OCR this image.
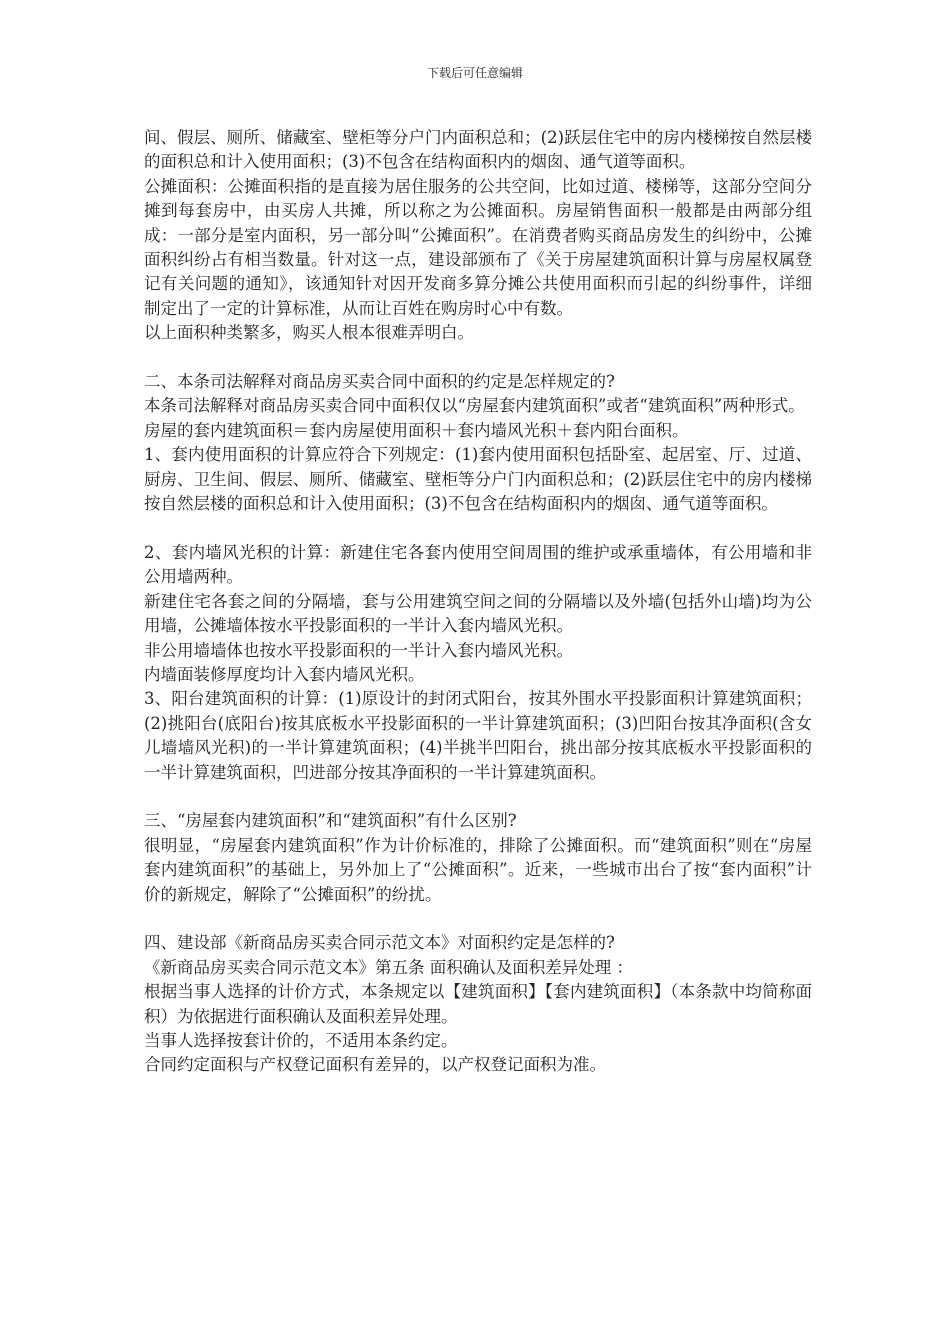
下载后可任意编辑

间、假层、厕所、储藏室、壁柜等分户门内面积总和；(2)跃层住宅中的房内楼梯按自然层楼的面积总和计入使用面积；(3)不包含在结构面积内的烟囱、通气道等面积。

公摊面积：公摊面积指的是直接为居住服务的公共空间，比如过道、楼梯等，这部分空间分摊到每套房中，由买房人共摊，所以称之为公摊面积。房屋销售面积一般都是由两部分组成：一部分是室内面积，另一部分叫“公摊面积”。在消费者购买商品房发生的纠纷中，公摊面积纠纷占有相当数量。针对这一点，建设部颁布了《关于房屋建筑面积计算与房屋权属登记有关问题的通知》，该通知针对因开发商多算分摊公共使用面积而引起的纠纷事件，详细制定出了一定的计算标准，从而让百姓在购房时心中有数。

以上面积种类繁多，购买人根本很难弄明白。

二、本条司法解释对商品房买卖合同中面积的约定是怎样规定的?

本条司法解释对商品房买卖合同中面积仅以“房屋套内建筑面积”或者“建筑面积”两种形式。

房屋的套内建筑面积＝套内房屋使用面积＋套内墙风光积＋套内阳台面积。

1、套内使用面积的计算应符合下列规定：(1)套内使用面积包括卧室、起居室、厅、过道、厨房、卫生间、假层、厕所、储藏室、壁柜等分户门内面积总和；(2)跃层住宅中的房内楼梯按自然层楼的面积总和计入使用面积；(3)不包含在结构面积内的烟囱、通气道等面积。

2、套内墙风光积的计算：新建住宅各套内使用空间周围的维护或承重墙体，有公用墙和非公用墙两种。

新建住宅各套之间的分隔墙，套与公用建筑空间之间的分隔墙以及外墙(包括外山墙)均为公用墙，公摊墙体按水平投影面积的一半计入套内墙风光积。

非公用墙墙体也按水平投影面积的一半计入套内墙风光积。

内墙面装修厚度均计入套内墙风光积。

3、阳台建筑面积的计算：(1)原设计的封闭式阳台，按其外围水平投影面积计算建筑面积；(2)挑阳台(底阳台)按其底板水平投影面积的一半计算建筑面积；(3)凹阳台按其净面积(含女儿墙墙风光积)的一半计算建筑面积；(4)半挑半凹阳台，挑出部分按其底板水平投影面积的一半计算建筑面积，凹进部分按其净面积的一半计算建筑面积。

三、“房屋套内建筑面积”和“建筑面积”有什么区别?

很明显，“房屋套内建筑面积”作为计价标准的，排除了公摊面积。而“建筑面积”则在“房屋套内建筑面积”的基础上，另外加上了“公摊面积”。近来，一些城市出台了按“套内面积”计价的新规定，解除了“公摊面积”的纷扰。

四、建设部《新商品房买卖合同示范文本》对面积约定是怎样的?

《新商品房买卖合同示范文本》第五条 面积确认及面积差异处理 ：

根据当事人选择的计价方式，本条规定以【建筑面积】【套内建筑面积】（本条款中均简称面积）为依据进行面积确认及面积差异处理。

当事人选择按套计价的，不适用本条约定。

合同约定面积与产权登记面积有差异的，以产权登记面积为准。
